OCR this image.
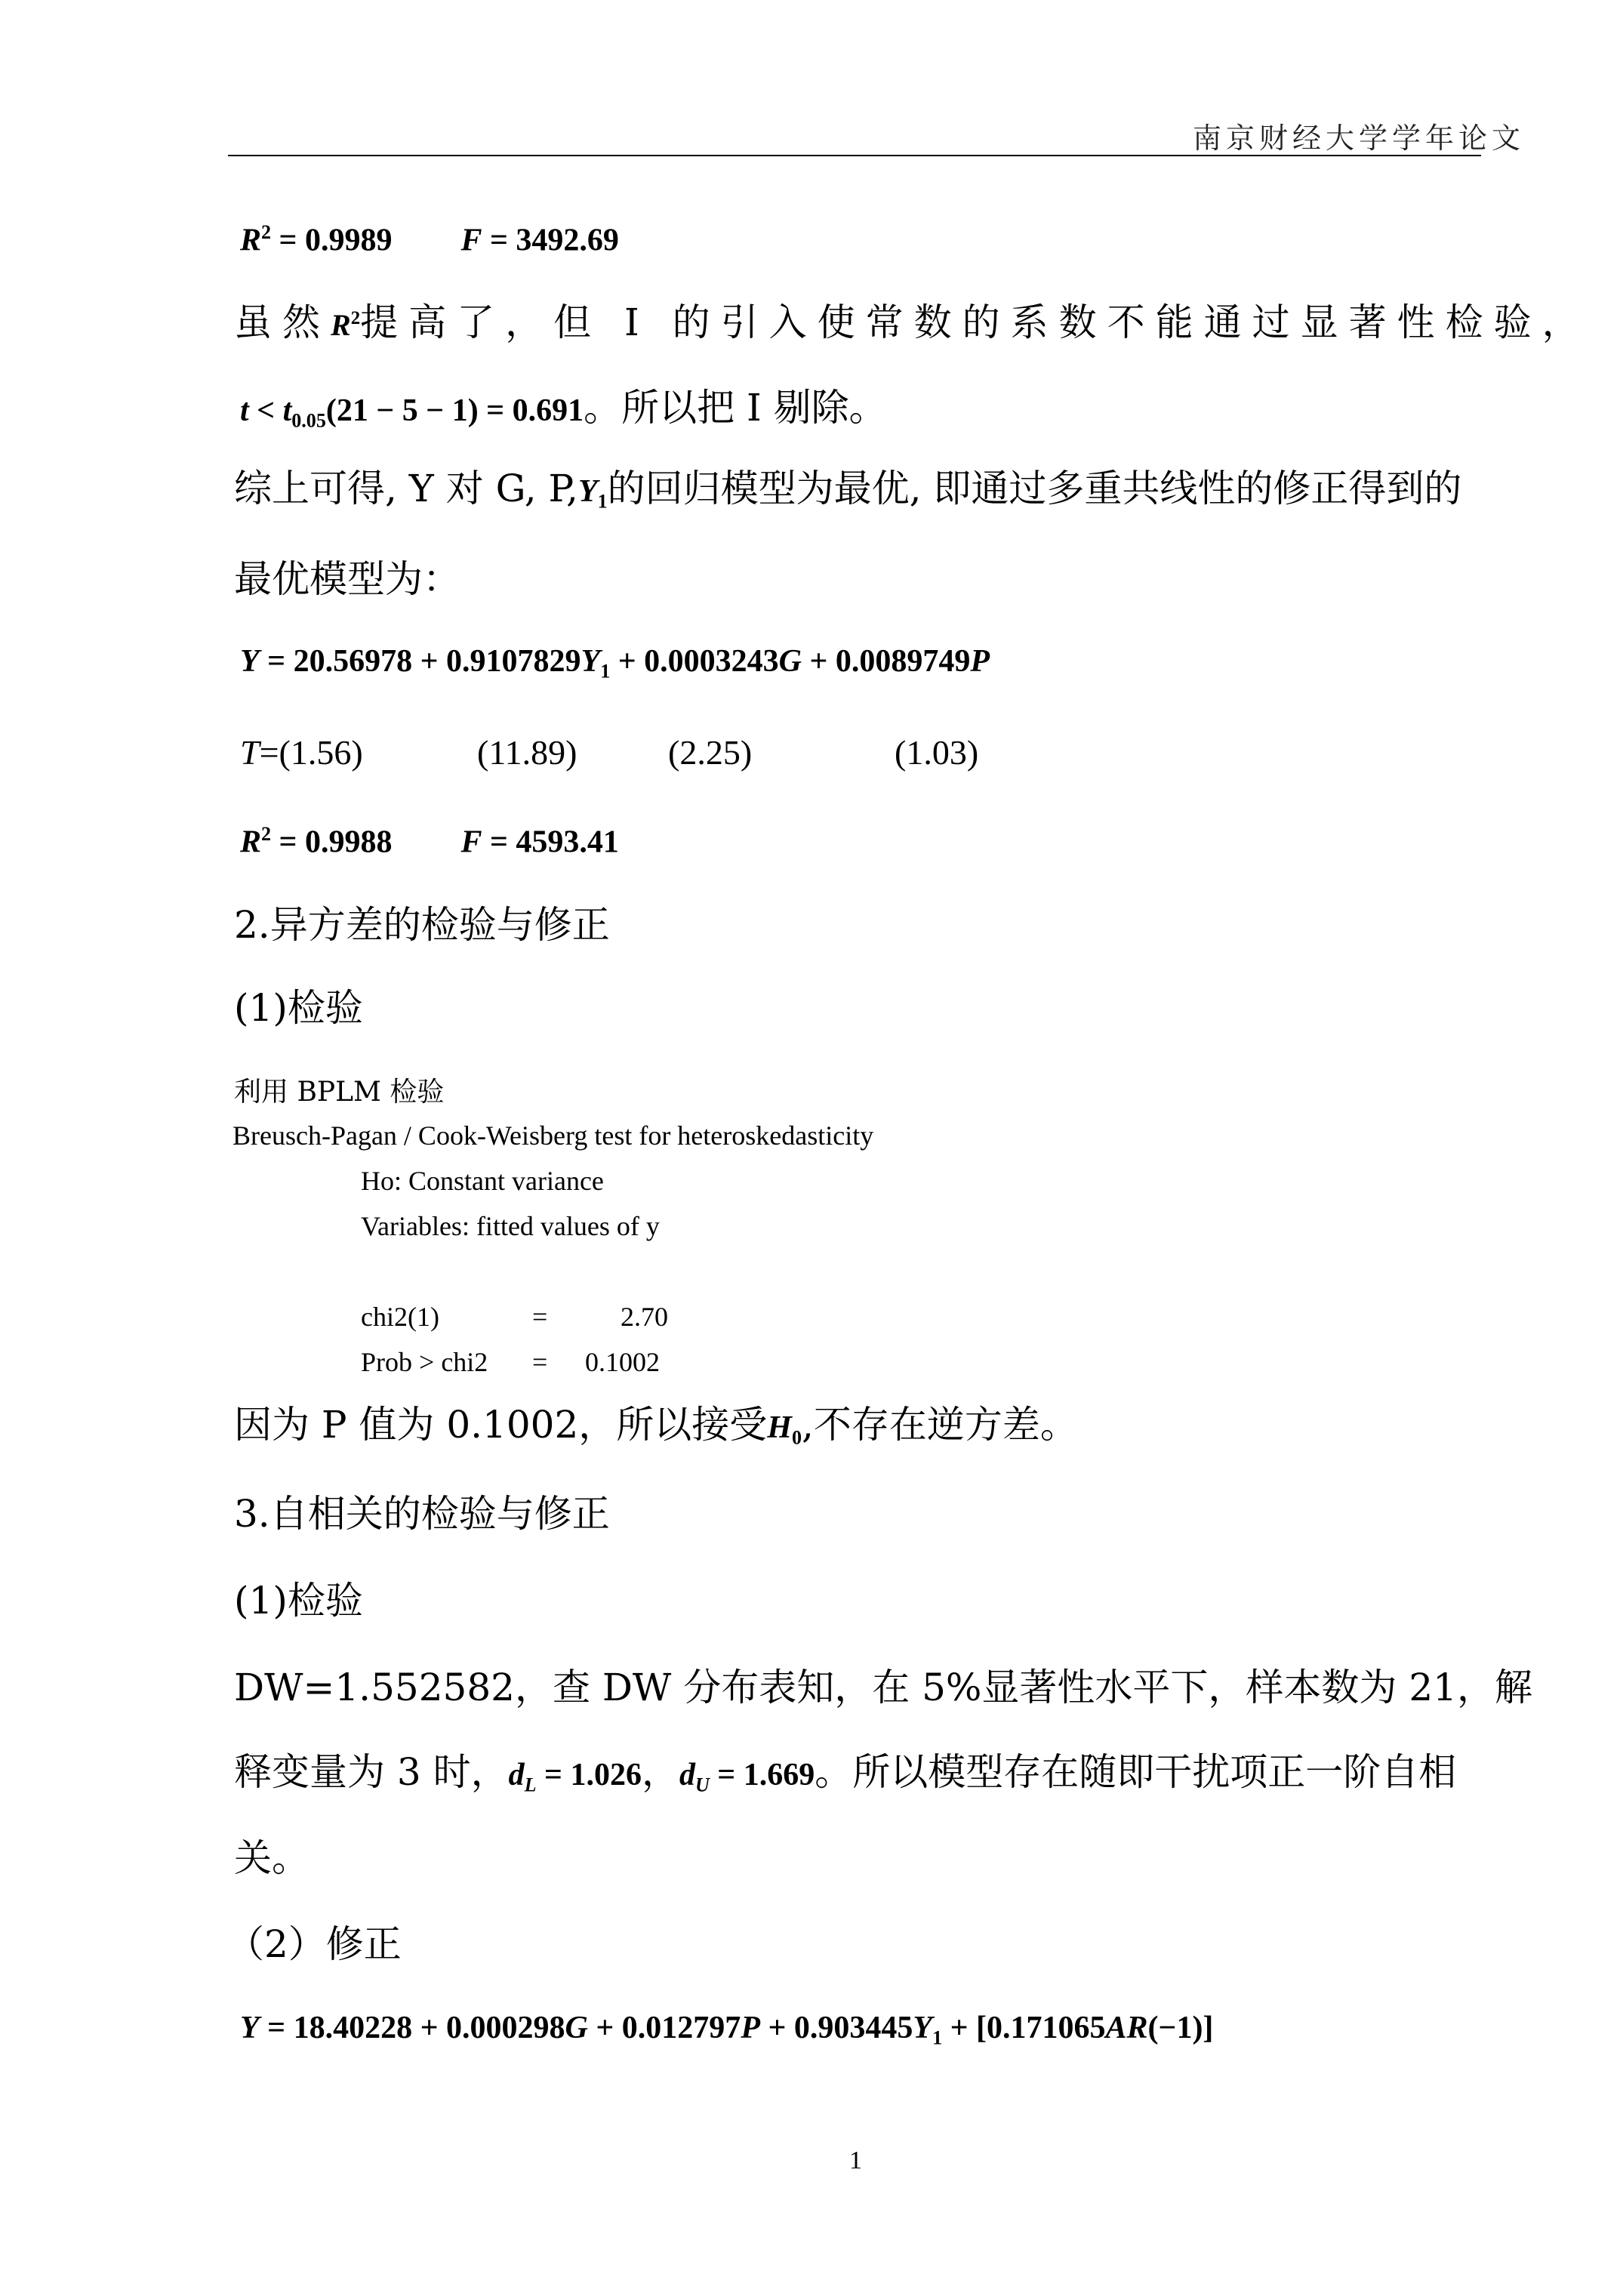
南京财经大学学年论文
$R^2 = 0.9989$ F = 3492.69
虽然$R^2$提高了，但 I 的引入使常数的系数不能通过显著性检验，
$t < t_{0.05}(21 - 5 - 1) = 0.691$。所以把 I 剔除。
综上可得, Y 对 G, $P,Y_1$的回归模型为最优, 即通过多重共线性的修正得到的
最优模型为：
$Y = 20.56978 + 0.9107829Y_1 + 0.0003243G + 0.0089749P$
T=(1.56)	(11.89)	(2.25)	(1.03)
$R^2 = 0.9988$ F = 4593.41
2.异方差的检验与修正
(1)检验
利用 BPLM 检验
Breusch-Pagan / Cook-Weisberg test for heteroskedasticity
Ho: Constant variance
Variables: fitted values of y
chi2(1)	=	2.70
Prob > chi2 = 0.1002
因为 P 值为 0.1002，所以接受$H_0$,不存在逆方差。
3.自相关的检验与修正
(1)检验
DW=1.552582，查 DW 分布表知，在 5%显著性水平下，样本数为 21，解
释变量为 3 时，$d_L = 1.026$，$d_U = 1.669$。所以模型存在随即干扰项正一阶自相
关。
（2）修正
$Y = 18.40228 + 0.000298G + 0.012797P + 0.903445Y_1 + [0.171065AR(-1)]$
1
